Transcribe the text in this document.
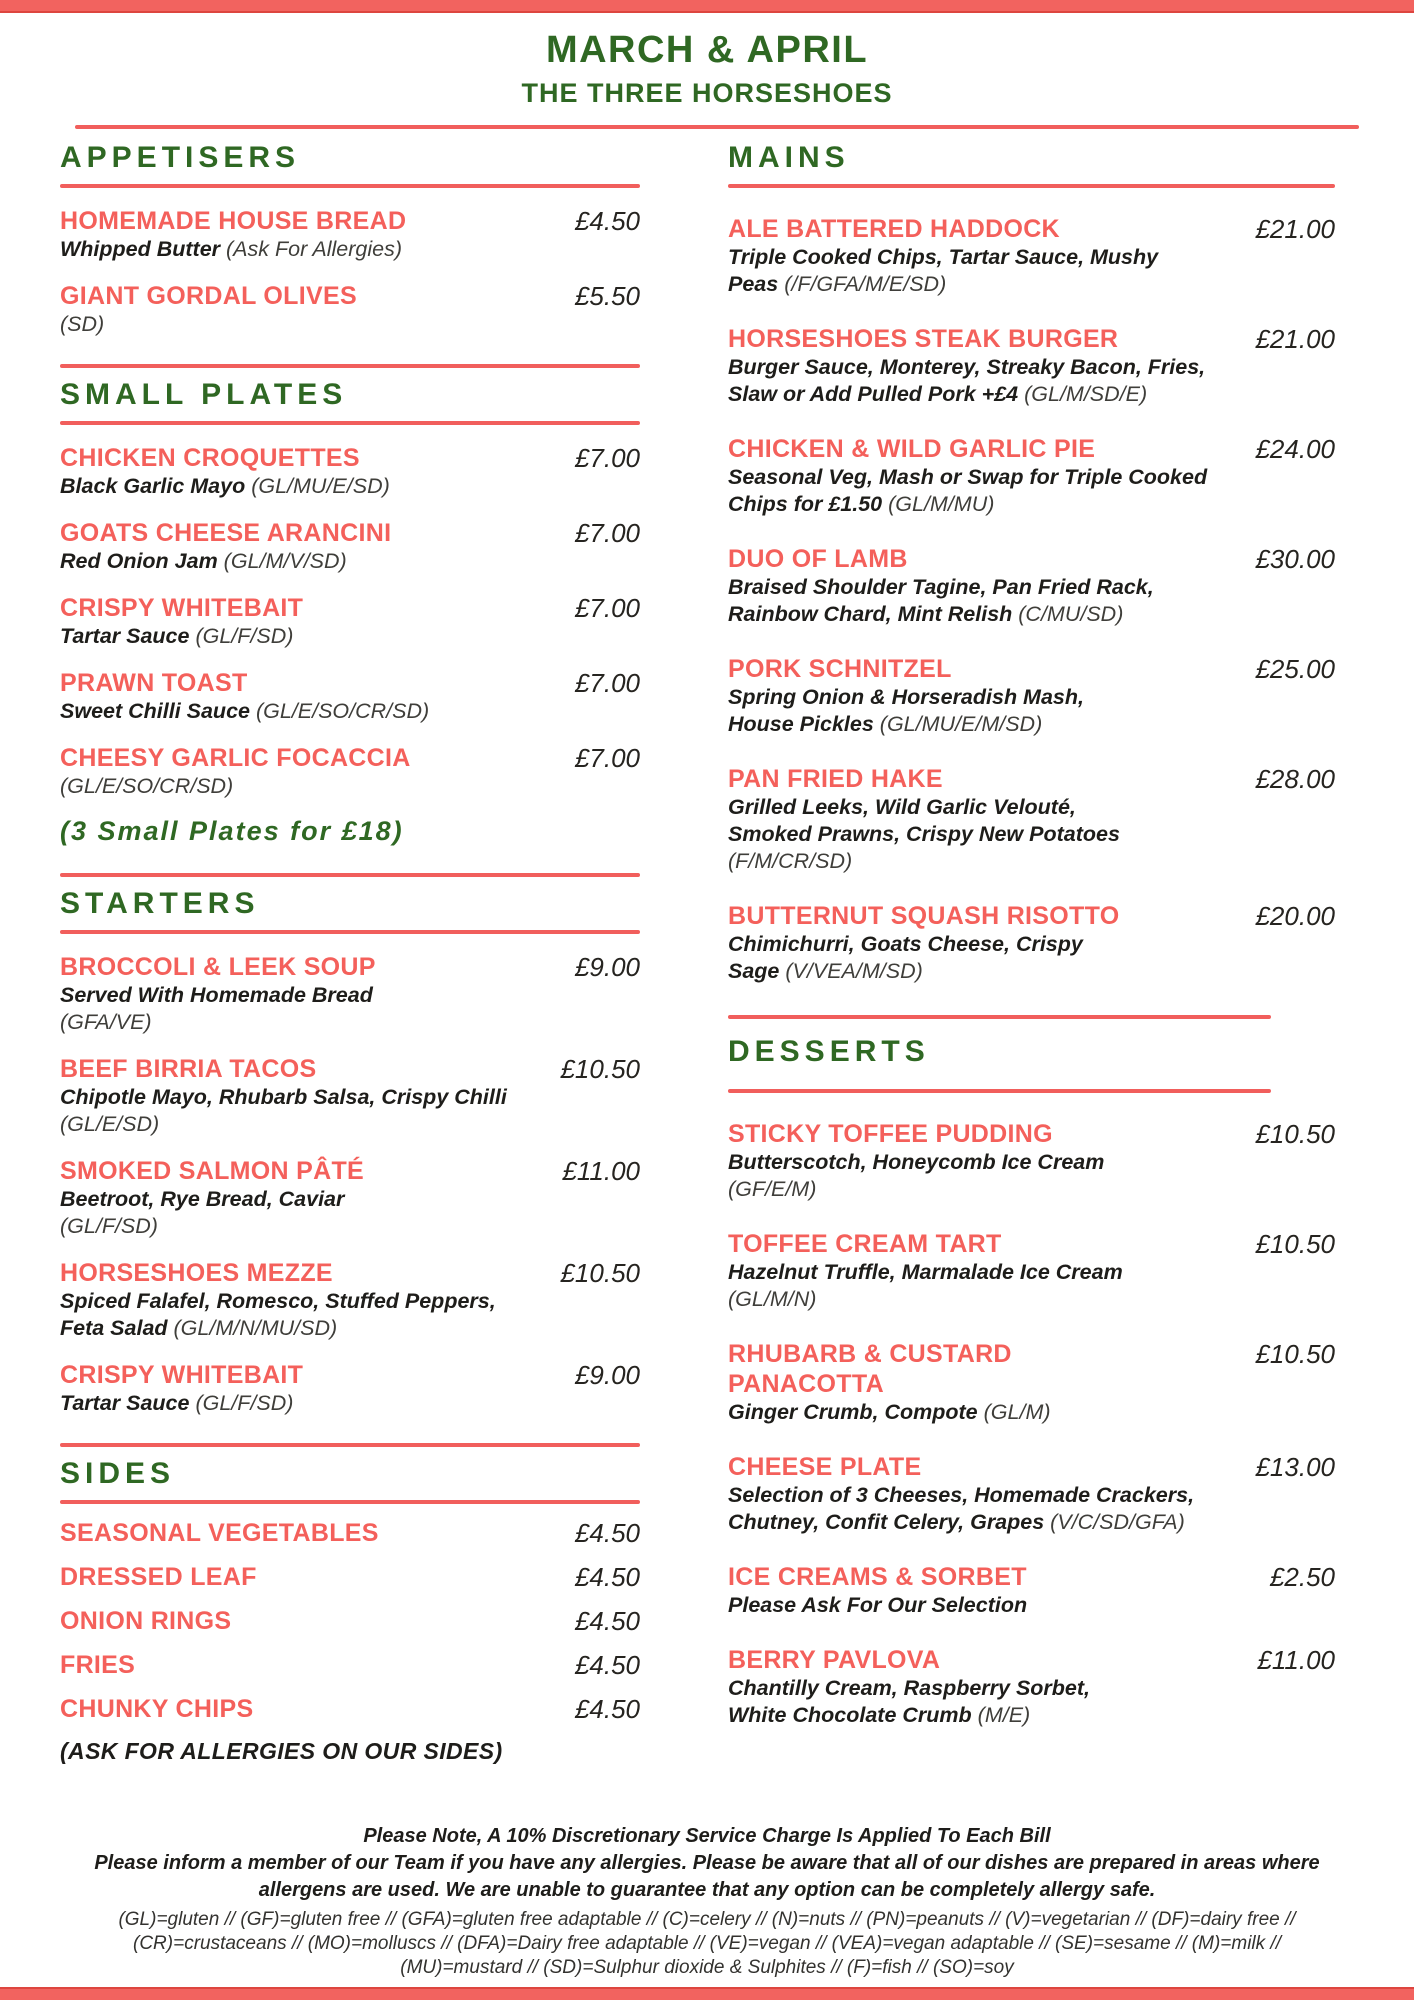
MARCH & APRIL
THE THREE HORSESHOES
APPETISERS
HOMEMADE HOUSE BREAD	£4.50
Whipped Butter (Ask For Allergies)
GIANT GORDAL OLIVES	£5.50
(SD)
SMALL PLATES
CHICKEN CROQUETTES	£7.00
Black Garlic Mayo (GL/MU/E/SD)
GOATS CHEESE ARANCINI	£7.00
Red Onion Jam (GL/M/V/SD)
CRISPY WHITEBAIT	£7.00
Tartar Sauce (GL/F/SD)
PRAWN TOAST	£7.00
Sweet Chilli Sauce (GL/E/SO/CR/SD)
CHEESY GARLIC FOCACCIA	£7.00
(GL/E/SO/CR/SD)
(3 Small Plates for £18)
STARTERS
BROCCOLI & LEEK SOUP	£9.00
Served With Homemade Bread
(GFA/VE)
BEEF BIRRIA TACOS	£10.50
Chipotle Mayo, Rhubarb Salsa, Crispy Chilli
(GL/E/SD)
SMOKED SALMON PÂTÉ	£11.00
Beetroot, Rye Bread, Caviar
(GL/F/SD)
HORSESHOES MEZZE	£10.50
Spiced Falafel, Romesco, Stuffed Peppers,
Feta Salad (GL/M/N/MU/SD)
CRISPY WHITEBAIT	£9.00
Tartar Sauce (GL/F/SD)
SIDES
SEASONAL VEGETABLES	£4.50
DRESSED LEAF	£4.50
ONION RINGS	£4.50
FRIES	£4.50
CHUNKY CHIPS	£4.50
(ASK FOR ALLERGIES ON OUR SIDES)
MAINS
ALE BATTERED HADDOCK	£21.00
Triple Cooked Chips, Tartar Sauce, Mushy
Peas (/F/GFA/M/E/SD)
HORSESHOES STEAK BURGER	£21.00
Burger Sauce, Monterey, Streaky Bacon, Fries,
Slaw or Add Pulled Pork +£4 (GL/M/SD/E)
CHICKEN & WILD GARLIC PIE	£24.00
Seasonal Veg, Mash or Swap for Triple Cooked
Chips for £1.50 (GL/M/MU)
DUO OF LAMB	£30.00
Braised Shoulder Tagine, Pan Fried Rack,
Rainbow Chard, Mint Relish (C/MU/SD)
PORK SCHNITZEL	£25.00
Spring Onion & Horseradish Mash,
House Pickles (GL/MU/E/M/SD)
PAN FRIED HAKE	£28.00
Grilled Leeks, Wild Garlic Velouté,
Smoked Prawns, Crispy New Potatoes
(F/M/CR/SD)
BUTTERNUT SQUASH RISOTTO	£20.00
Chimichurri, Goats Cheese, Crispy
Sage (V/VEA/M/SD)
DESSERTS
STICKY TOFFEE PUDDING	£10.50
Butterscotch, Honeycomb Ice Cream
(GF/E/M)
TOFFEE CREAM TART	£10.50
Hazelnut Truffle, Marmalade Ice Cream
(GL/M/N)
RHUBARB & CUSTARD PANACOTTA
£10.50
Ginger Crumb, Compote (GL/M)
CHEESE PLATE	£13.00
Selection of 3 Cheeses, Homemade Crackers,
Chutney, Confit Celery, Grapes (V/C/SD/GFA)
ICE CREAMS & SORBET	£2.50
Please Ask For Our Selection
BERRY PAVLOVA	£11.00
Chantilly Cream, Raspberry Sorbet,
White Chocolate Crumb (M/E)

Please Note, A 10% Discretionary Service Charge Is Applied To Each Bill

Please inform a member of our Team if you have any allergies. Please be aware that all of our dishes are prepared in areas where

allergens are used. We are unable to guarantee that any option can be completely allergy safe.

(GL)=gluten // (GF)=gluten free // (GFA)=gluten free adaptable // (C)=celery // (N)=nuts // (PN)=peanuts // (V)=vegetarian // (DF)=dairy free //

(CR)=crustaceans // (MO)=molluscs // (DFA)=Dairy free adaptable // (VE)=vegan // (VEA)=vegan adaptable // (SE)=sesame // (M)=milk //

(MU)=mustard // (SD)=Sulphur dioxide & Sulphites // (F)=fish // (SO)=soy
